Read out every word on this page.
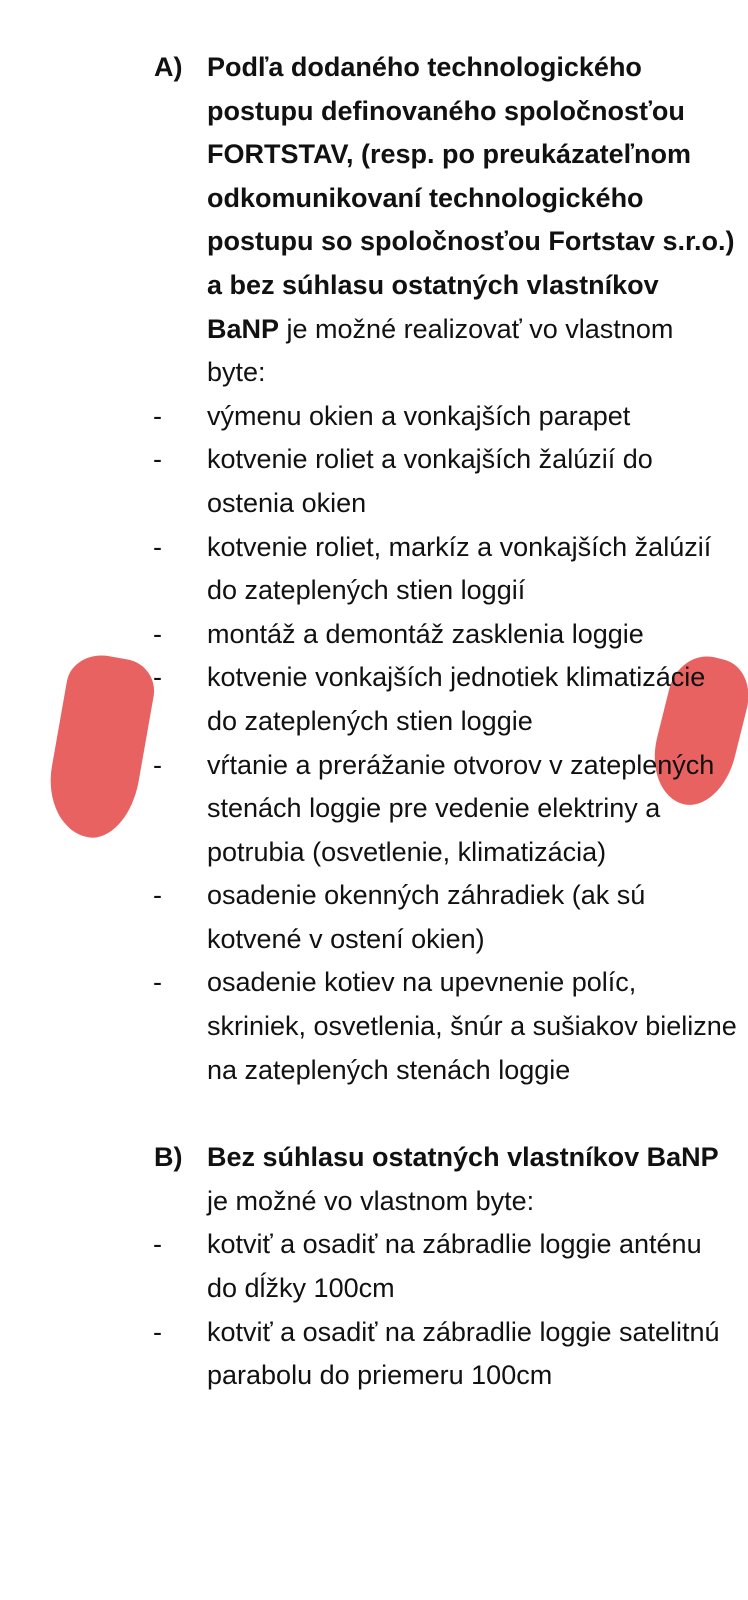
A) Podľa dodaného technologického postupu definovaného spoločnosťou FORTSTAV, (resp. po preukázateľnom odkomunikovaní technologického postupu so spoločnosťou Fortstav s.r.o.) a bez súhlasu ostatných vlastníkov BaNP je možné realizovať vo vlastnom byte:
- výmenu okien a vonkajších parapet
- kotvenie roliet a vonkajších žalúzií do ostenia okien
- kotvenie roliet, markíz a vonkajších žalúzií do zateplených stien loggií
- montáž a demontáž zasklenia loggie
- kotvenie vonkajších jednotiek klimatizácie do zateplených stien loggie
- vŕtanie a prerážanie otvorov v zateplených stenách loggie pre vedenie elektriny a potrubia (osvetlenie, klimatizácia)
- osadenie okenných záhradiek (ak sú kotvené v ostení okien)
- osadenie kotiev na upevnenie políc, skriniek, osvetlenia, šnúr a sušiakov bielizne na zateplených stenách loggie
B) Bez súhlasu ostatných vlastníkov BaNP je možné vo vlastnom byte:
- kotviť a osadiť na zábradlie loggie anténu do dĺžky 100cm
- kotviť a osadiť na zábradlie loggie satelitnú parabolu do priemeru 100cm
